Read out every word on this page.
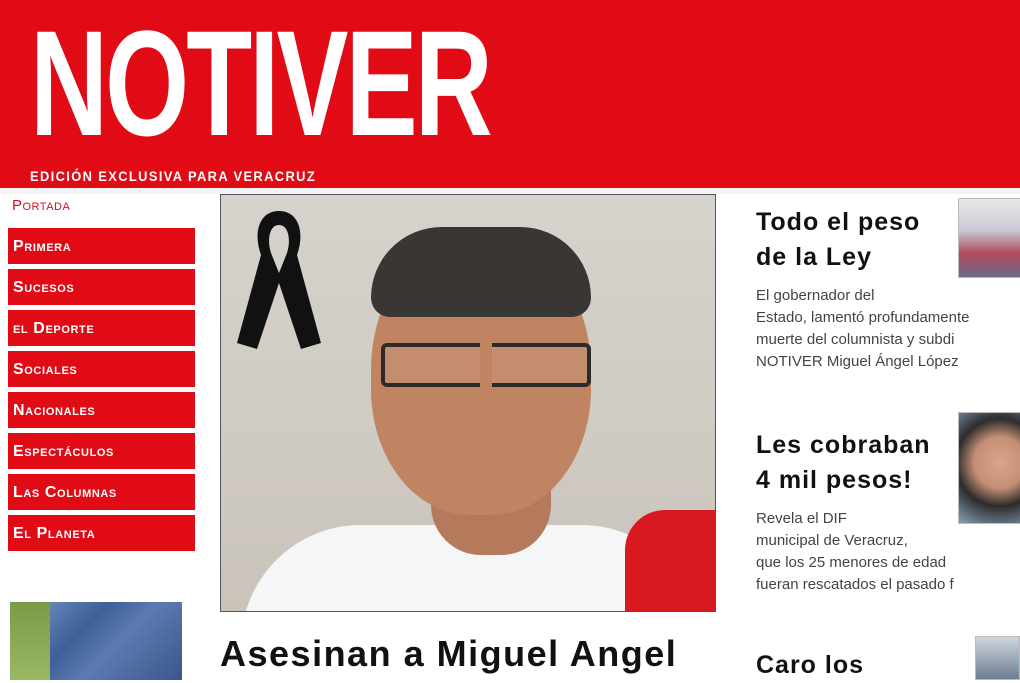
NOTIVER
EDICIÓN EXCLUSIVA PARA VERACRUZ
Portada
Primera
Sucesos
el Deporte
Sociales
Nacionales
Espectáculos
Las Columnas
El Planeta
Asesinan a Miguel Angel
Todo el peso
de la Ley

El gobernador del
Estado, lamentó profundamente
muerte del columnista y subdi
NOTIVER Miguel Ángel López

Les cobraban
4 mil pesos!

Revela el DIF
municipal de Veracruz,
que los 25 menores de edad
fueran rescatados el pasado f

Caro los
